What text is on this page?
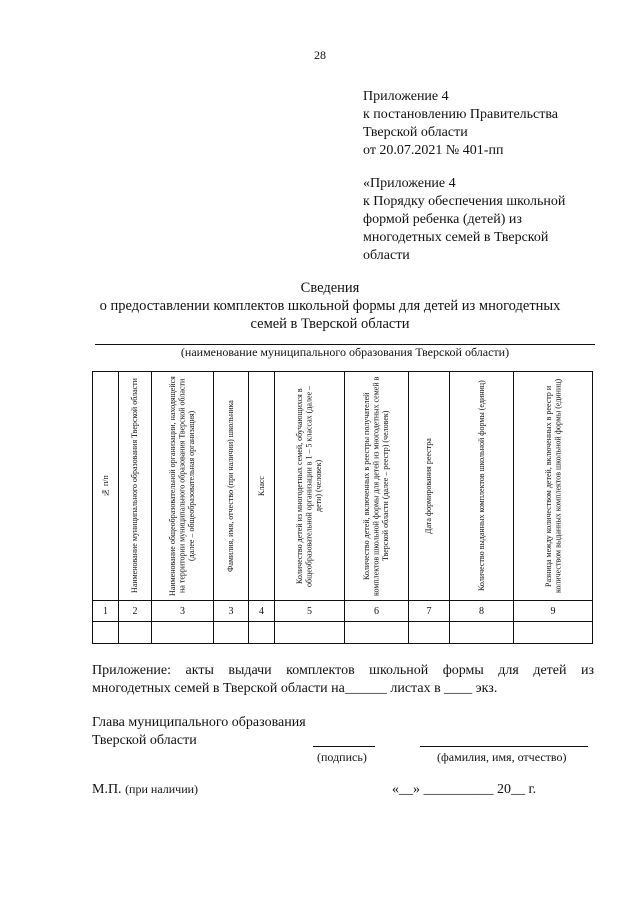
28
Приложение 4
к постановлению Правительства
Тверской области
от 20.07.2021 № 401-пп
«Приложение 4
к Порядку обеспечения школьной
формой ребенка (детей) из
многодетных семей в Тверской
области
Сведения
о предоставлении комплектов школьной формы для детей из многодетных
семей в Тверской области
(наименование муниципального образования Тверской области)
№ п/п	Наименование муниципального образования Тверской области	Наименование общеобразовательной организации, находящейся на территории муниципального образования Тверской области (далее – общеобразовательная организация)	Фамилия, имя, отчество (при наличии) школьника	Класс	Количество детей из многодетных семей, обучающихся в общеобразовательной организации в 1 – 5 классах (далее – дети) (человек)	Количество детей, включенных в реестры получателей комплектов школьной формы для детей из многодетных семей в Тверской области (далее – реестр) (человек)	Дата формирования реестра	Количество выданных комплектов школьной формы (единиц)	Разница между количеством детей, включенных в реестр и количеством выданных комплектов школьной формы (единиц)

1	2	3	3	4	5	6	7	8	9

Приложение: акты выдачи комплектов школьной формы для детей из
многодетных семей в Тверской области на______ листах в ____ экз.
Глава муниципального образования
Тверской области
(подпись)	(фамилия, имя, отчество)
М.П. (при наличии)	«__» __________ 20__ г.
